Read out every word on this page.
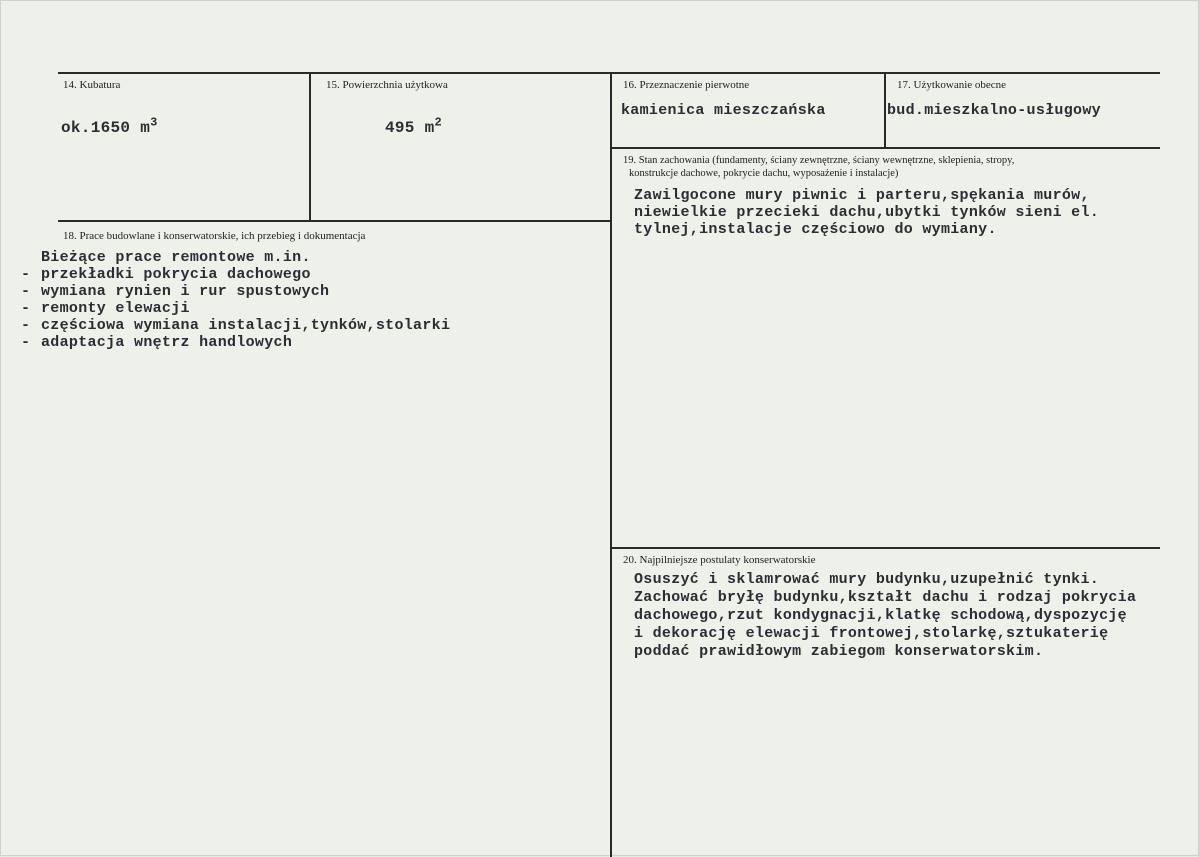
14. Kubatura
ok.1650 $m^3$
15. Powierzchnia użytkowa
495 $m^2$
16. Przeznaczenie pierwotne
kamienica mieszczańska
17. Użytkowanie obecne
bud.mieszkalno-usługowy
19. Stan zachowania (fundamenty, ściany zewnętrzne, ściany wewnętrzne, sklepienia, stropy,
konstrukcje dachowe, pokrycie dachu, wyposażenie i instalacje)
Zawilgocone mury piwnic i parteru,spękania murów,
niewielkie przecieki dachu,ubytki tynków sieni el.
tylnej,instalacje częściowo do wymiany.
18. Prace budowlane i konserwatorskie, ich przebieg i dokumentacja
Bieżące prace remontowe m.in.
przekładki pokrycia dachowego
wymiana rynien i rur spustowych
remonty elewacji
częściowa wymiana instalacji,tynków,stolarki
adaptacja wnętrz handlowych
-
-
-
-
-
20. Najpilniejsze postulaty konserwatorskie
Osuszyć i sklamrować mury budynku,uzupełnić tynki.
Zachować bryłę budynku,kształt dachu i rodzaj pokrycia
dachowego,rzut kondygnacji,klatkę schodową,dyspozycję
i dekorację elewacji frontowej,stolarkę,sztukaterię
poddać prawidłowym zabiegom konserwatorskim.
